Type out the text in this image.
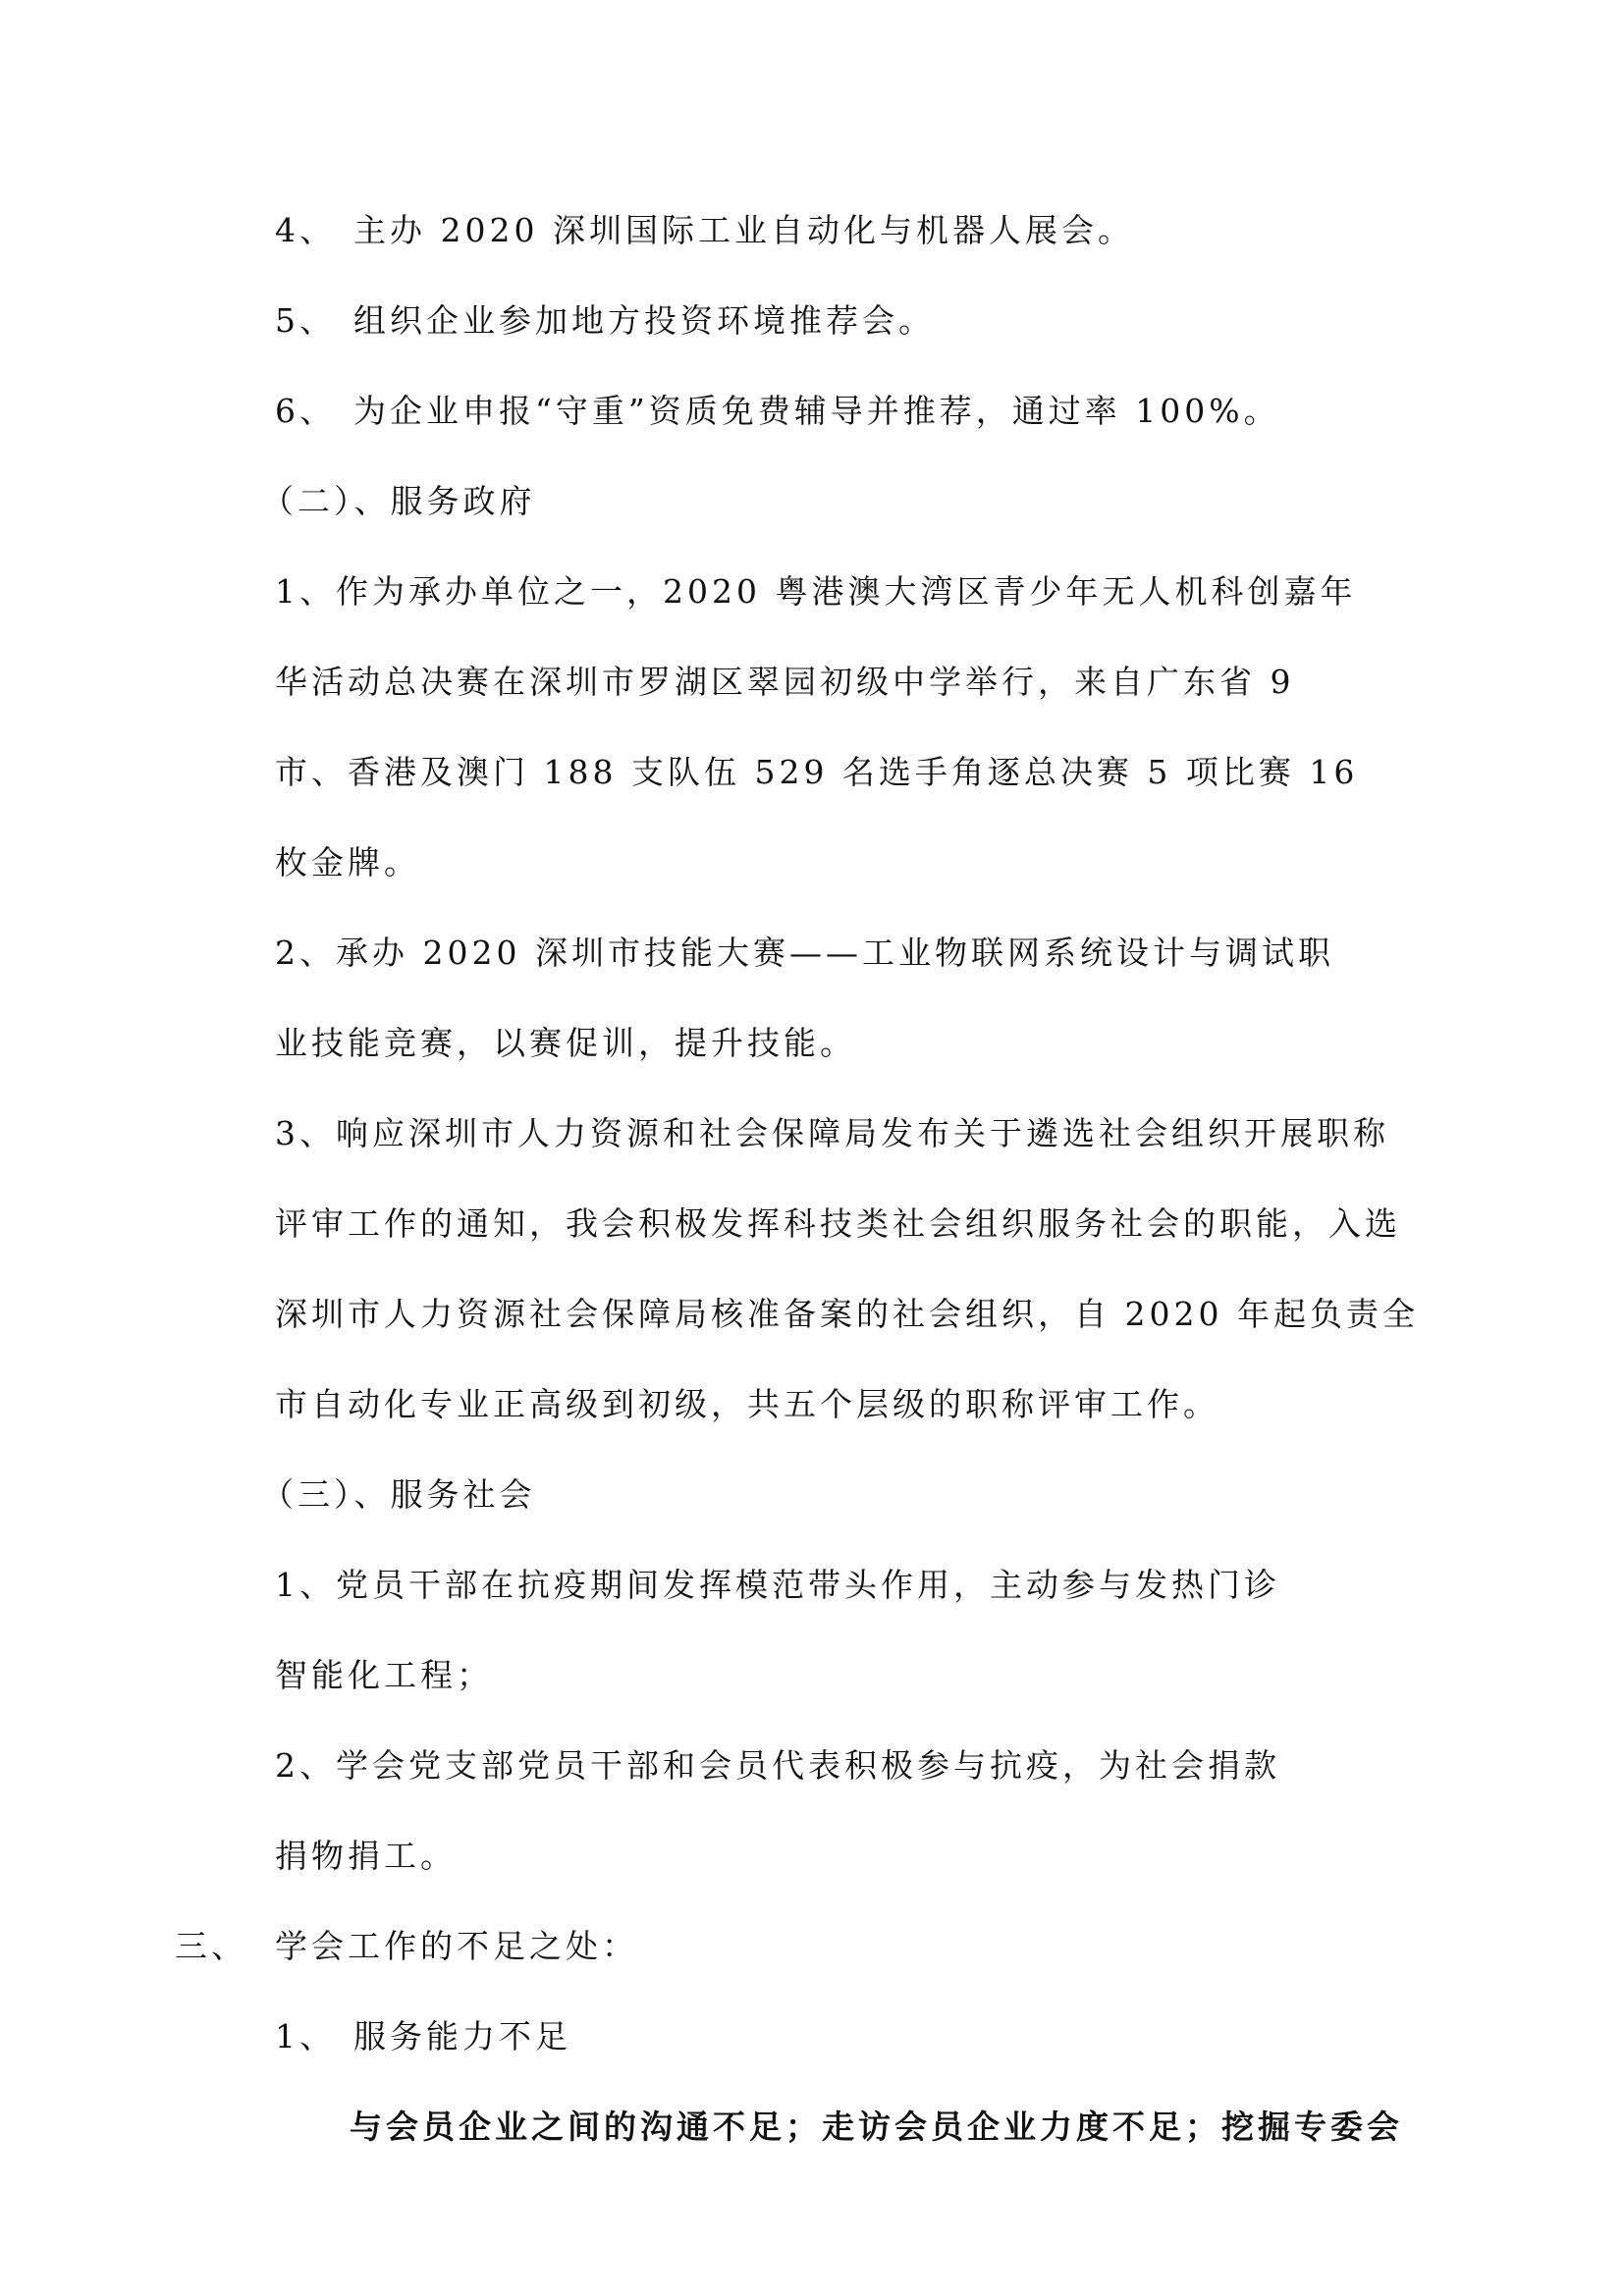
4、 主办 2020 深圳国际工业自动化与机器人展会。
5、 组织企业参加地方投资环境推荐会。
6、 为企业申报“守重”资质免费辅导并推荐，通过率 100%。
（二）、服务政府
1、作为承办单位之一，2020 粤港澳大湾区青少年无人机科创嘉年
华活动总决赛在深圳市罗湖区翠园初级中学举行，来自广东省 9
市、香港及澳门 188 支队伍 529 名选手角逐总决赛 5 项比赛 16
枚金牌。
2、承办 2020 深圳市技能大赛——工业物联网系统设计与调试职
业技能竞赛，以赛促训，提升技能。
3、响应深圳市人力资源和社会保障局发布关于遴选社会组织开展职称
评审工作的通知，我会积极发挥科技类社会组织服务社会的职能，入选
深圳市人力资源社会保障局核准备案的社会组织，自 2020 年起负责全
市自动化专业正高级到初级，共五个层级的职称评审工作。
（三）、服务社会
1、党员干部在抗疫期间发挥模范带头作用，主动参与发热门诊
智能化工程；
2、学会党支部党员干部和会员代表积极参与抗疫，为社会捐款
捐物捐工。
三、 学会工作的不足之处：
1、 服务能力不足
与会员企业之间的沟通不足；走访会员企业力度不足；挖掘专委会
